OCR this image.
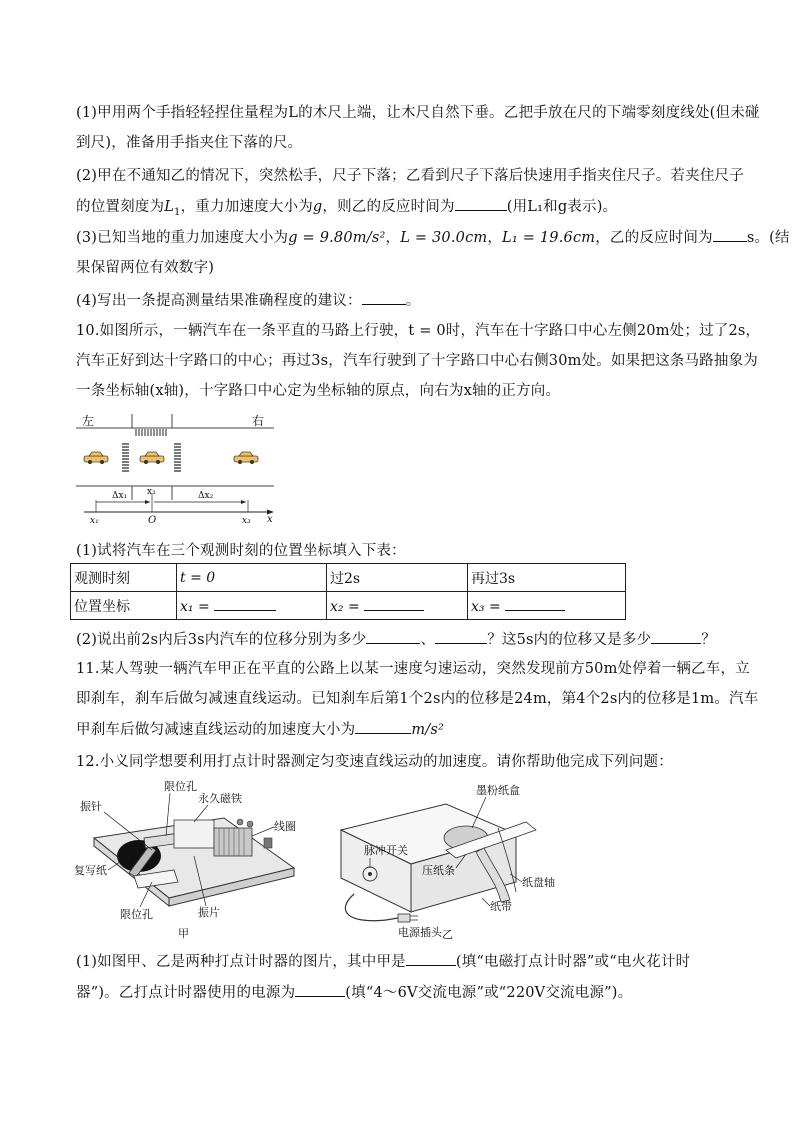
(1)甲用两个手指轻轻捏住量程为L的木尺上端，让木尺自然下垂。乙把手放在尺的下端零刻度线处(但未碰
到尺)，准备用手指夹住下落的尺。
(2)甲在不通知乙的情况下，突然松手，尺子下落；乙看到尺子下落后快速用手指夹住尺子。若夹住尺子
的位置刻度为$L_1$，重力加速度大小为g，则乙的反应时间为	(用L₁和g表示)。
(3)已知当地的重力加速度大小为g = 9.80m/s²，L = 30.0cm，L₁ = 19.6cm，乙的反应时间为 s。(结
果保留两位有效数字)
(4)写出一条提高测量结果准确程度的建议：	。
10.如图所示，一辆汽车在一条平直的马路上行驶，t = 0时，汽车在十字路口中心左侧20m处；过了2s，
汽车正好到达十字路口的中心；再过3s，汽车行驶到了十字路口中心右侧30m处。如果把这条马路抽象为
一条坐标轴(x轴)，十字路口中心定为坐标轴的原点，向右为x轴的正方向。
左	右
Δx₁	Δx₂
x₂
x₁	O	x₃ x
(1)试将汽车在三个观测时刻的位置坐标填入下表：
观测时刻	t = 0	过2s	再过3s
位置坐标	x₁ =	x₂ =	x₃ =
(2)说出前2s内后3s内汽车的位移分别为多少	、	？这5s内的位移又是多少	？
11.某人驾驶一辆汽车甲正在平直的公路上以某一速度匀速运动，突然发现前方50m处停着一辆乙车，立
即刹车，刹车后做匀减速直线运动。已知刹车后第1个2s内的位移是24m，第4个2s内的位移是1m。汽车
甲刹车后做匀减速直线运动的加速度大小为	m/s²
12.小义同学想要利用打点计时器测定匀变速直线运动的加速度。请你帮助他完成下列问题：
限位孔
振针
永久磁铁
线圈
复写纸
限位孔	振片
甲
墨粉纸盒
脉冲开关
压纸条
纸盘轴
纸带
电源插头 乙
(1)如图甲、乙是两种打点计时器的图片，其中甲是	(填“电磁打点计时器”或“电火花计时
器”)。乙打点计时器使用的电源为	(填“4～6V交流电源”或“220V交流电源”)。
